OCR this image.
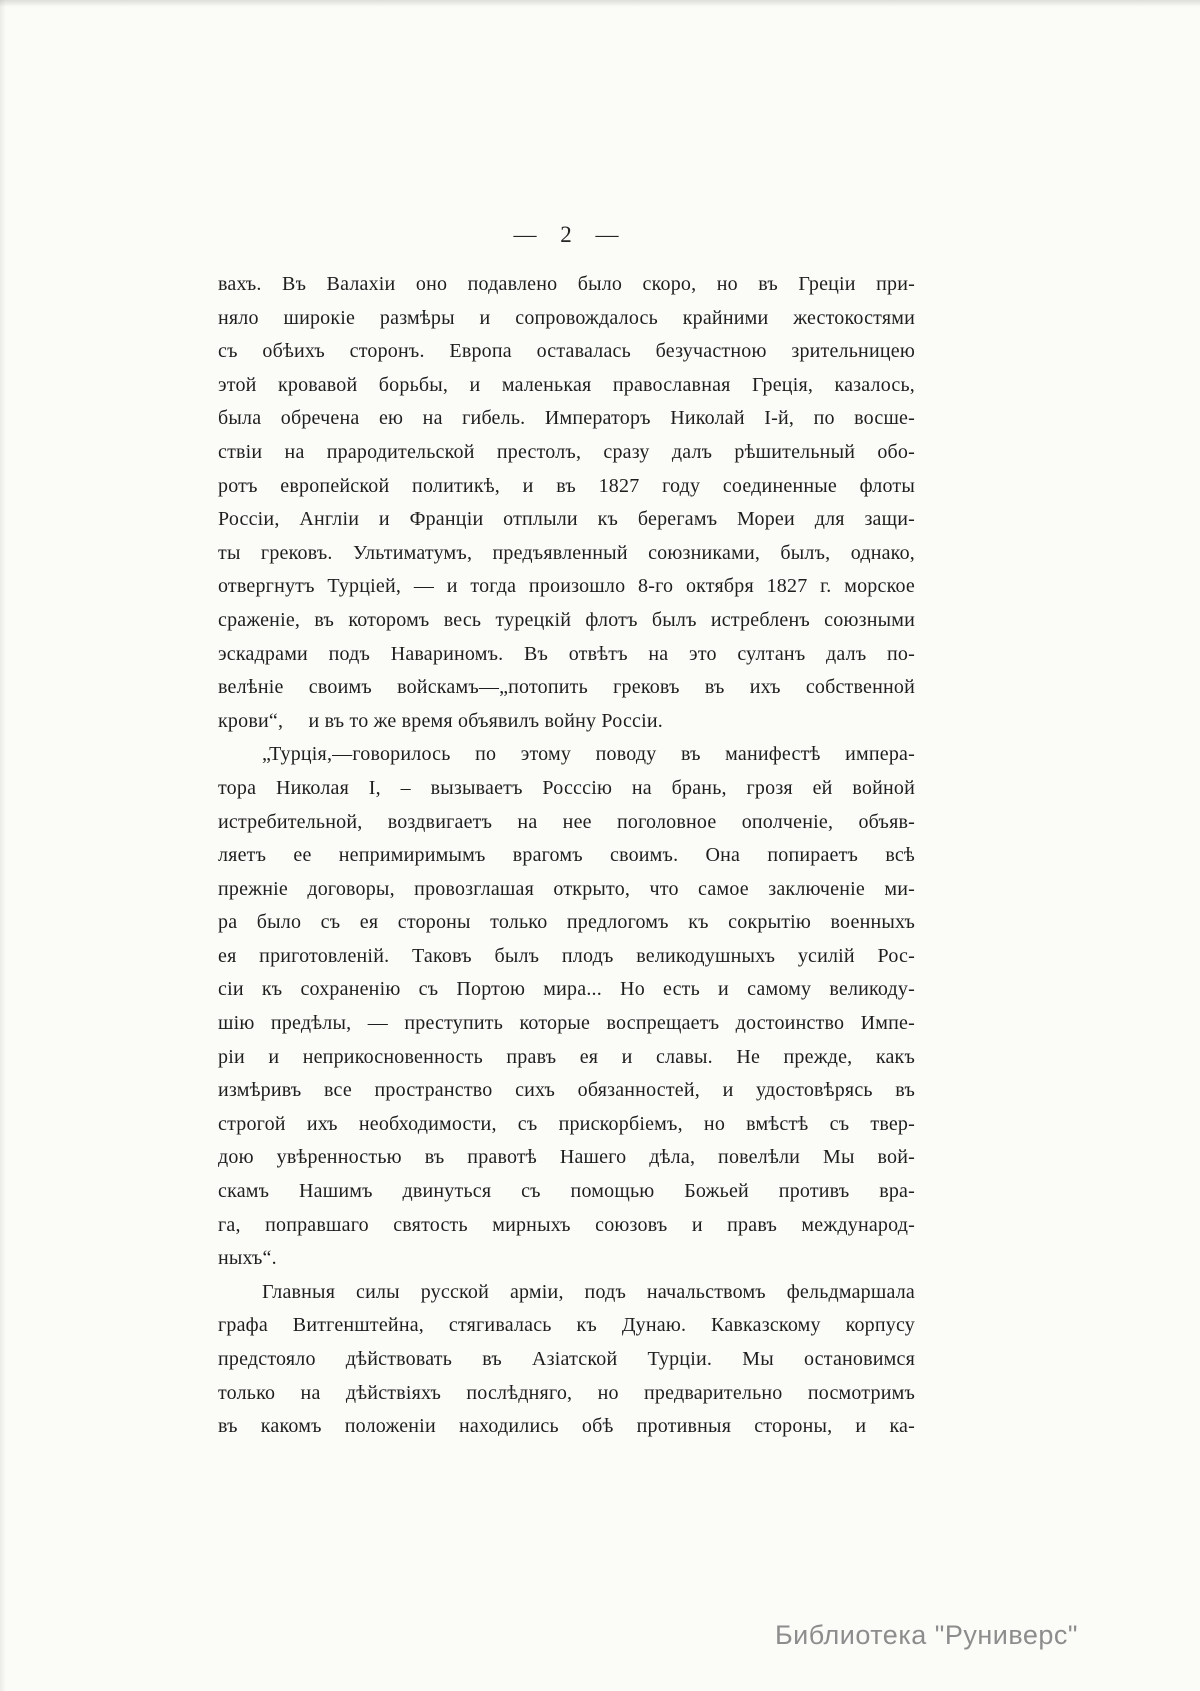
— 2 —
вахъ. Въ Валахіи оно подавлено было скоро, но въ Греціи при-
няло широкіе размѣры и сопровождалось крайними жестокостями
съ обѣихъ сторонъ. Европа оставалась безучастною зрительницею
этой кровавой борьбы, и маленькая православная Греція, казалось,
была обречена ею на гибель. Императоръ Николай I-й, по восше-
ствіи на прародительской престолъ, сразу далъ рѣшительный обо-
ротъ европейской политикѣ, и въ 1827 году соединенные флоты
Россіи, Англіи и Франціи отплыли къ берегамъ Мореи для защи-
ты грековъ. Ультиматумъ, предъявленный союзниками, былъ, однако,
отвергнутъ Турціей, — и тогда произошло 8-го октября 1827 г. морское
сраженіе, въ которомъ весь турецкій флотъ былъ истребленъ союзными
эскадрами подъ Навариномъ. Въ отвѣтъ на это султанъ далъ по-
велѣніе своимъ войскамъ—„потопить грековъ въ ихъ собственной
крови“,  и въ то же время объявилъ войну Россіи.
„Турція,—говорилось по этому поводу въ манифестѣ импера-
тора Николая I, – вызываетъ Росссію на брань, грозя ей войной
истребительной, воздвигаетъ на нее поголовное ополченіе, объяв-
ляетъ ее непримиримымъ врагомъ своимъ. Она попираетъ всѣ
прежніе договоры, провозглашая открыто, что самое заключеніе ми-
ра было съ ея стороны только предлогомъ къ сокрытію военныхъ
ея приготовленій. Таковъ былъ плодъ великодушныхъ усилій Рос-
сіи къ сохраненію съ Портою мира... Но есть и самому великоду-
шію предѣлы, — преступить которые воспрещаетъ достоинство Импе-
ріи и неприкосновенность правъ ея и славы. Не прежде, какъ
измѣривъ все пространство сихъ обязанностей, и удостовѣрясь въ
строгой ихъ необходимости, съ прискорбіемъ, но вмѣстѣ съ твер-
дою увѣренностью въ правотѣ Нашего дѣла, повелѣли Мы вой-
скамъ Нашимъ двинуться съ помощью Божьей противъ вра-
га, поправшаго святость мирныхъ союзовъ и правъ международ-
ныхъ“.
Главныя силы русской арміи, подъ начальствомъ фельдмаршала
графа Витгенштейна, стягивалась къ Дунаю. Кавказскому корпусу
предстояло дѣйствовать въ Азіатской Турціи. Мы остановимся
только на дѣйствіяхъ послѣдняго, но предварительно посмотримъ
въ какомъ положеніи находились обѣ противныя стороны, и ка-
Библиотека "Руниверс"
